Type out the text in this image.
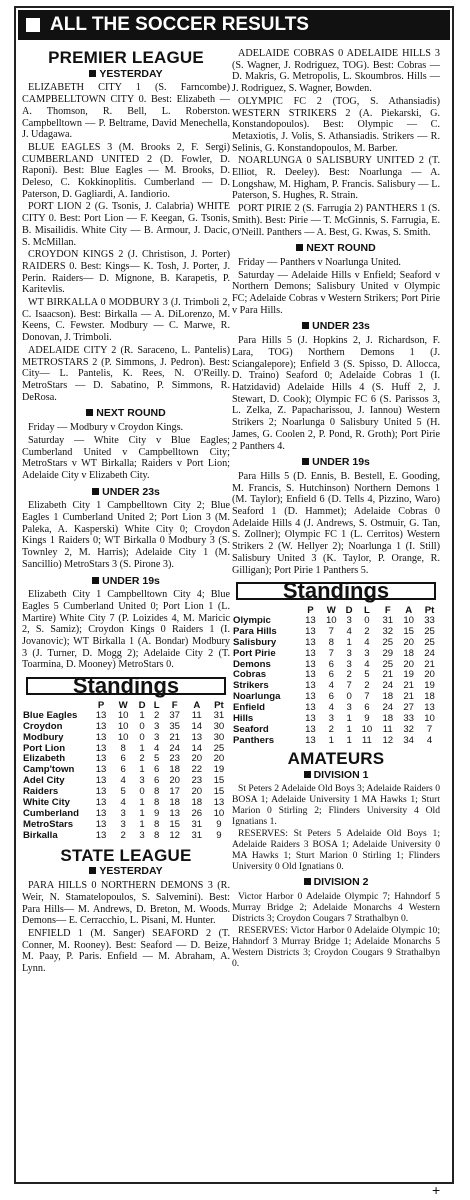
ALL THE SOCCER RESULTS
PREMIER LEAGUE
YESTERDAY

ELIZABETH CITY 1 (S. Farncombe) CAMPBELLTOWN CITY 0. Best: Elizabeth — A. Thomson, R. Bell, L. Roberston. Campbelltown — P. Beltrame, David Menechella, J. Udagawa.

BLUE EAGLES 3 (M. Brooks 2, F. Sergi) CUMBERLAND UNITED 2 (D. Fowler, D. Raponi). Best: Blue Eagles — M. Brooks, D. Deleso, C. Kokkinoplitis. Cumberland — D. Paterson, D. Gagliardi, A. Iandiorio.

PORT LION 2 (G. Tsonis, J. Calabria) WHITE CITY 0. Best: Port Lion — F. Keegan, G. Tsonis, B. Misailidis. White City — B. Armour, J. Dacic, S. McMillan.

CROYDON KINGS 2 (J. Christison, J. Porter) RAIDERS 0. Best: Kings— K. Tosh, J. Porter, J. Perin. Raiders— D. Mignone, B. Karapetis, P. Karitevlis.

WT BIRKALLA 0 MODBURY 3 (J. Trimboli 2, C. Isaacson). Best: Birkalla — A. DiLorenzo, M. Keens, C. Fewster. Modbury — C. Marwe, R. Donovan, J. Trimboli.

ADELAIDE CITY 2 (R. Saraceno, L. Pantelis) METROSTARS 2 (P. Simmons, J. Pedron). Best: City— L. Pantelis, K. Rees, N. O'Reilly. MetroStars — D. Sabatino, P. Simmons, R. DeRosa.

NEXT ROUND

Friday — Modbury v Croydon Kings.

Saturday — White City v Blue Eagles; Cumberland United v Campbelltown City; MetroStars v WT Birkalla; Raiders v Port Lion; Adelaide City v Elizabeth City.

UNDER 23s

Elizabeth City 1 Campbelltown City 2; Blue Eagles 1 Cumberland United 2; Port Lion 3 (M. Paleka, A. Kasperski) White City 0; Croydon Kings 1 Raiders 0; WT Birkalla 0 Modbury 3 (S. Townley 2, M. Harris); Adelaide City 1 (M. Sancillio) MetroStars 3 (S. Pirone 3).

UNDER 19s

Elizabeth City 1 Campbelltown City 4; Blue Eagles 5 Cumberland United 0; Port Lion 1 (L. Martire) White City 7 (P. Loizides 4, M. Maricic 2, S. Samiz); Croydon Kings 0 Raiders 1 (I. Jovanovic); WT Birkalla 1 (A. Bondar) Modbury 3 (J. Turner, D. Mogg 2); Adelaide City 2 (T. Toarmina, D. Mooney) MetroStars 0.

Standings
	P	W	D	L	F	A	Pt
Blue Eagles	13	10	1	2	37	11	31
Croydon	13	10	0	3	35	14	30
Modbury	13	10	0	3	21	13	30
Port Lion	13	8	1	4	24	14	25
Elizabeth	13	6	2	5	23	20	20
Camp'town	13	6	1	6	18	22	19
Adel City	13	4	3	6	20	23	15
Raiders	13	5	0	8	17	20	15
White City	13	4	1	8	18	18	13
Cumberland	13	3	1	9	13	26	10
MetroStars	13	3	1	8	15	31	9
Birkalla	13	2	3	8	12	31	9
STATE LEAGUE
YESTERDAY

PARA HILLS 0 NORTHERN DEMONS 3 (R. Weir, N. Stamatelopoulos, S. Salvemini). Best: Para Hills— M. Andrews, D. Breton, M. Woods. Demons— E. Cerracchio, L. Pisani, M. Hunter.

ENFIELD 1 (M. Sanger) SEAFORD 2 (T. Conner, M. Rooney). Best: Seaford — D. Beize, M. Paay, P. Paris. Enfield — M. Abraham, A. Lynn.

ADELAIDE COBRAS 0 ADELAIDE HILLS 3 (S. Wagner, J. Rodriguez, TOG). Best: Cobras — D. Makris, G. Metropolis, L. Skoumbros. Hills — J. Rodriguez, S. Wagner, Bowden.

OLYMPIC FC 2 (TOG, S. Athansiadis) WESTERN STRIKERS 2 (A. Piekarski, G. Konstandopoulos). Best: Olympic — C. Metaxiotis, J. Volis, S. Athansiadis. Strikers — R. Selinis, G. Konstandopoulos, M. Barber.

NOARLUNGA 0 SALISBURY UNITED 2 (T. Elliot, R. Deeley). Best: Noarlunga — A. Longshaw, M. Higham, P. Francis. Salisbury — L. Paterson, S. Hughes, R. Strain.

PORT PIRIE 2 (S. Farrugia 2) PANTHERS 1 (S. Smith). Best: Pirie — T. McGinnis, S. Farrugia, E. O'Neill. Panthers — A. Best, G. Kwas, S. Smith.

NEXT ROUND

Friday — Panthers v Noarlunga United.

Saturday — Adelaide Hills v Enfield; Seaford v Northern Demons; Salisbury United v Olympic FC; Adelaide Cobras v Western Strikers; Port Pirie v Para Hills.

UNDER 23s

Para Hills 5 (J. Hopkins 2, J. Richardson, F. Lara, TOG) Northern Demons 1 (J. Sciangalepore); Enfield 3 (S. Spisso, D. Allocca, D. Traino) Seaford 0; Adelaide Cobras 1 (I. Hatzidavid) Adelaide Hills 4 (S. Huff 2, J. Stewart, D. Cook); Olympic FC 6 (S. Parissos 3, L. Zelka, Z. Papacharissou, J. Iannou) Western Strikers 2; Noarlunga 0 Salisbury United 5 (H. James, G. Coolen 2, P. Pond, R. Groth); Port Pirie 2 Panthers 4.

UNDER 19s

Para Hills 5 (D. Ennis, B. Bestell, E. Gooding, M. Francis, S. Hutchinson) Northern Demons 1 (M. Taylor); Enfield 6 (D. Tells 4, Pizzino, Waro) Seaford 1 (D. Hammet); Adelaide Cobras 0 Adelaide Hills 4 (J. Andrews, S. Ostmuir, G. Tan, S. Zollner); Olympic FC 1 (L. Cerritos) Western Strikers 2 (W. Hellyer 2); Noarlunga 1 (I. Still) Salisbury United 3 (K. Taylor, P. Orange, R. Gilligan); Port Pirie 1 Panthers 5.

Standings
	P	W	D	L	F	A	Pt
Olympic	13	10	3	0	31	10	33
Para Hills	13	7	4	2	32	15	25
Salisbury	13	8	1	4	25	20	25
Port Pirie	13	7	3	3	29	18	24
Demons	13	6	3	4	25	20	21
Cobras	13	6	2	5	21	19	20
Strikers	13	4	7	2	24	21	19
Noarlunga	13	6	0	7	18	21	18
Enfield	13	4	3	6	24	27	13
Hills	13	3	1	9	18	33	10
Seaford	13	2	1	10	11	32	7
Panthers	13	1	1	11	12	34	4
AMATEURS
DIVISION 1

St Peters 2 Adelaide Old Boys 3; Adelaide Raiders 0 BOSA 1; Adelaide University 1 MA Hawks 1; Sturt Marion 0 Stirling 2; Flinders University 4 Old Ignatians 1.

RESERVES: St Peters 5 Adelaide Old Boys 1; Adelaide Raiders 3 BOSA 1; Adelaide University 0 MA Hawks 1; Sturt Marion 0 Stirling 1; Flinders University 0 Old Ignatians 0.

DIVISION 2

Victor Harbor 0 Adelaide Olympic 7; Hahndorf 5 Murray Bridge 2; Adelaide Monarchs 4 Western Districts 3; Croydon Cougars 7 Strathalbyn 0.

RESERVES: Victor Harbor 0 Adelaide Olympic 10; Hahndorf 3 Murray Bridge 1; Adelaide Monarchs 5 Western Districts 3; Croydon Cougars 9 Strathalbyn 0.

+
